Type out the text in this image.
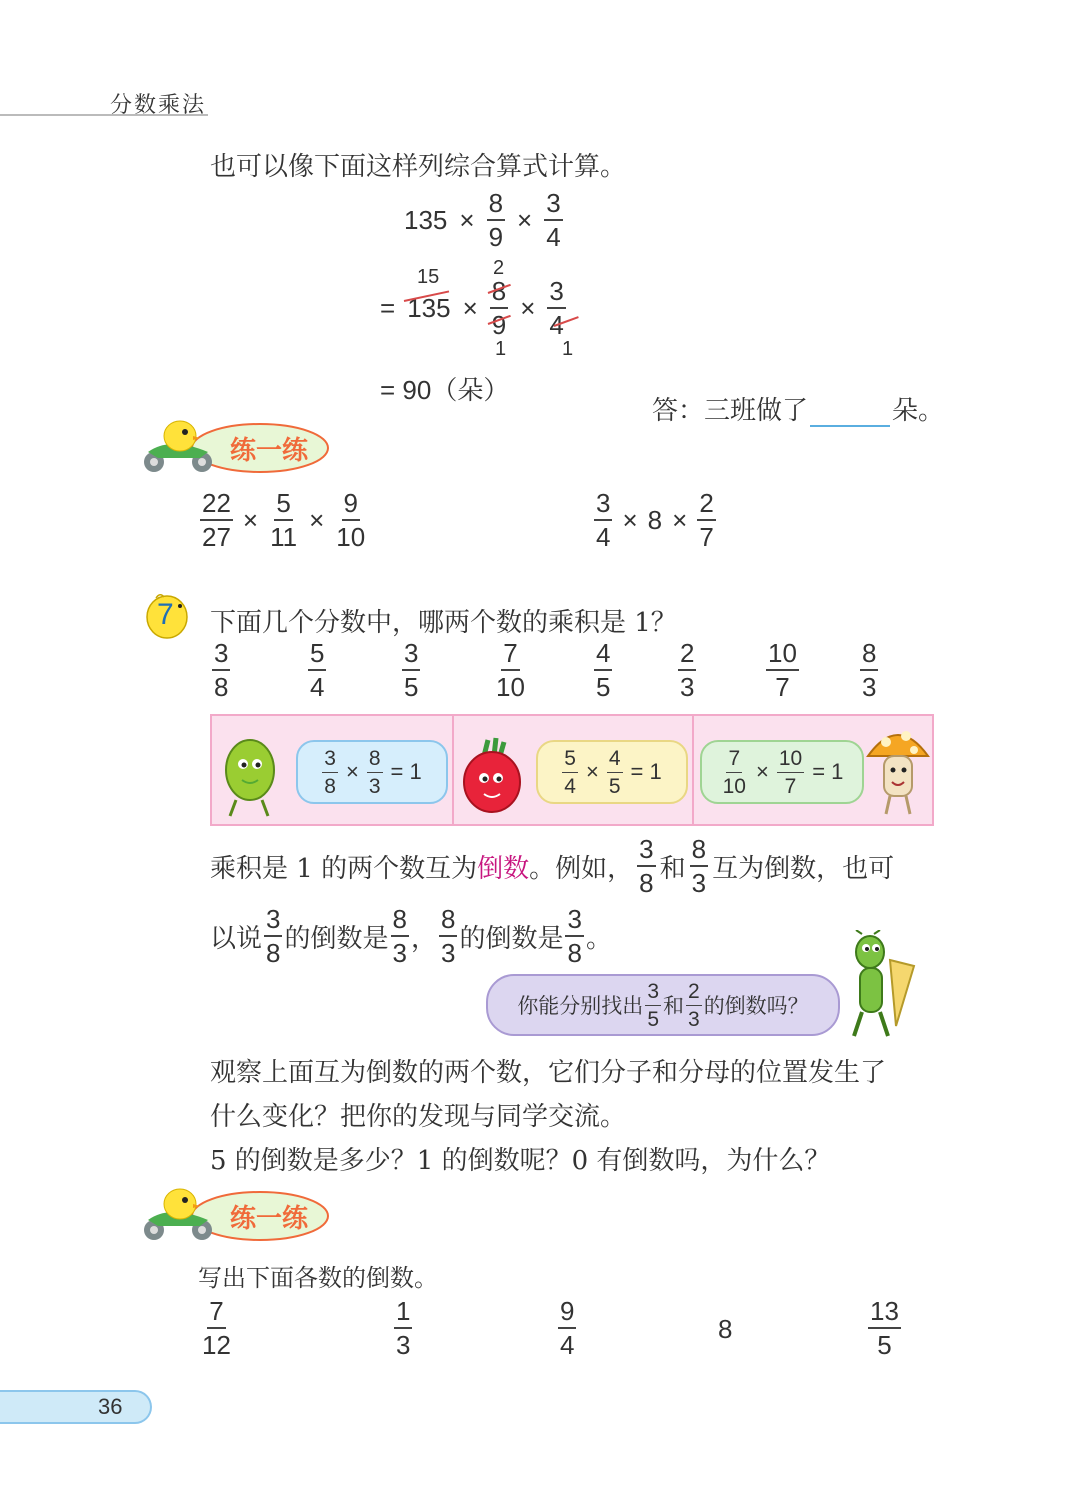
分数乘法
也可以像下面这样列综合算式计算。
$135 \times \frac{8}{9} \times \frac{3}{4}$
15	2
= $135 \times \frac{8}{9} \times \frac{3}{4}$
1	1
= 90（朵）
答：三班做了	朵。
练一练
$\frac{22}{27} \times \frac{5}{11} \times \frac{9}{10}$	$\frac{3}{4} \times 8 \times \frac{2}{7}$
7 下面几个分数中，哪两个数的乘积是 1？
$\frac{3}{8}$	$\frac{5}{4}$	$\frac{3}{5}$	$\frac{7}{10}$	$\frac{4}{5}$	$\frac{2}{3}$	$\frac{10}{7} \frac{8}{3}$
$\frac{3}{8} \times \frac{8}{3} = 1$	$\frac{5}{4} \times \frac{4}{5} = 1$	$\frac{7}{10} \times \frac{10}{7} = 1$
乘积是 1 的两个数互为 倒数 。例如， $\frac{3}{8}$ 和 $\frac{8}{3}$ 互为倒数，也可
以说 $\frac{3}{8}$ 的倒数是 $\frac{8}{3}$ ， $\frac{8}{3}$ 的倒数是 $\frac{3}{8}$ 。
你能分别找出 $\frac{3}{5}$ 和 $\frac{2}{3}$ 的倒数吗？
观察上面互为倒数的两个数，它们分子和分母的位置发生了
什么变化？把你的发现与同学交流。
5 的倒数是多少？1 的倒数呢？0 有倒数吗，为什么？
练一练
写出下面各数的倒数。
$\frac{7}{12}$	$\frac{1}{3}$	$\frac{9}{4}$	8	$\frac{13}{5}$
36
